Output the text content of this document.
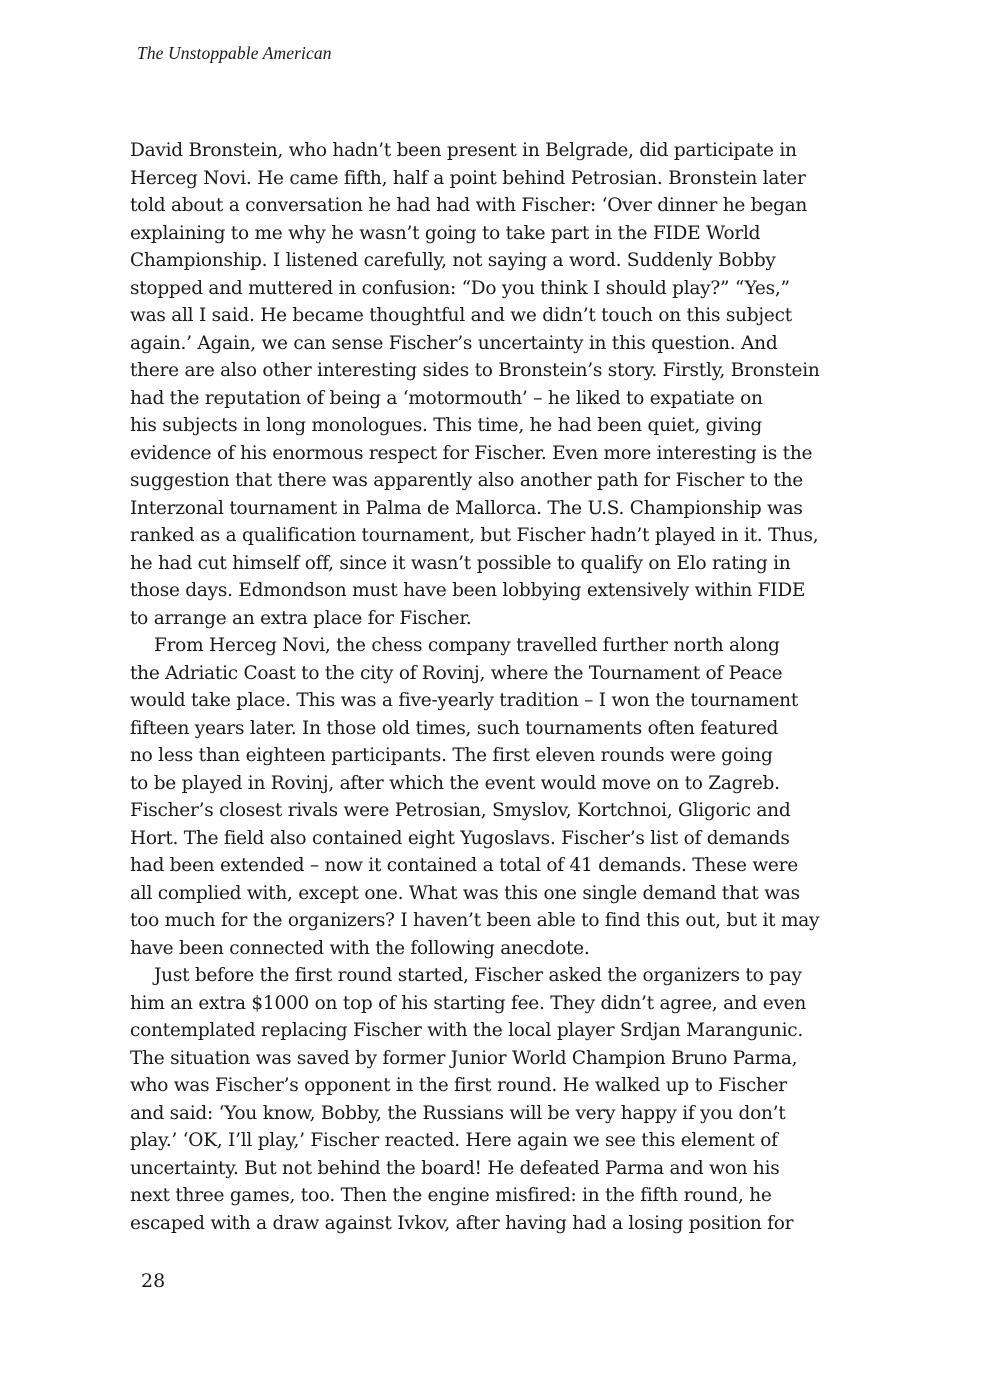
The Unstoppable American
David Bronstein, who hadn’t been present in Belgrade, did participate in
Herceg Novi. He came fifth, half a point behind Petrosian. Bronstein later
told about a conversation he had had with Fischer: ‘Over dinner he began
explaining to me why he wasn’t going to take part in the FIDE World
Championship. I listened carefully, not saying a word. Suddenly Bobby
stopped and muttered in confusion: “Do you think I should play?” “Yes,”
was all I said. He became thoughtful and we didn’t touch on this subject
again.’ Again, we can sense Fischer’s uncertainty in this question. And
there are also other interesting sides to Bronstein’s story. Firstly, Bronstein
had the reputation of being a ‘motormouth’ – he liked to expatiate on
his subjects in long monologues. This time, he had been quiet, giving
evidence of his enormous respect for Fischer. Even more interesting is the
suggestion that there was apparently also another path for Fischer to the
Interzonal tournament in Palma de Mallorca. The U.S. Championship was
ranked as a qualification tournament, but Fischer hadn’t played in it. Thus,
he had cut himself off, since it wasn’t possible to qualify on Elo rating in
those days. Edmondson must have been lobbying extensively within FIDE
to arrange an extra place for Fischer.
From Herceg Novi, the chess company travelled further north along
the Adriatic Coast to the city of Rovinj, where the Tournament of Peace
would take place. This was a five-yearly tradition – I won the tournament
fifteen years later. In those old times, such tournaments often featured
no less than eighteen participants. The first eleven rounds were going
to be played in Rovinj, after which the event would move on to Zagreb.
Fischer’s closest rivals were Petrosian, Smyslov, Kortchnoi, Gligoric and
Hort. The field also contained eight Yugoslavs. Fischer’s list of demands
had been extended – now it contained a total of 41 demands. These were
all complied with, except one. What was this one single demand that was
too much for the organizers? I haven’t been able to find this out, but it may
have been connected with the following anecdote.
Just before the first round started, Fischer asked the organizers to pay
him an extra $1000 on top of his starting fee. They didn’t agree, and even
contemplated replacing Fischer with the local player Srdjan Marangunic.
The situation was saved by former Junior World Champion Bruno Parma,
who was Fischer’s opponent in the first round. He walked up to Fischer
and said: ‘You know, Bobby, the Russians will be very happy if you don’t
play.’ ‘OK, I’ll play,’ Fischer reacted. Here again we see this element of
uncertainty. But not behind the board! He defeated Parma and won his
next three games, too. Then the engine misfired: in the fifth round, he
escaped with a draw against Ivkov, after having had a losing position for
28
